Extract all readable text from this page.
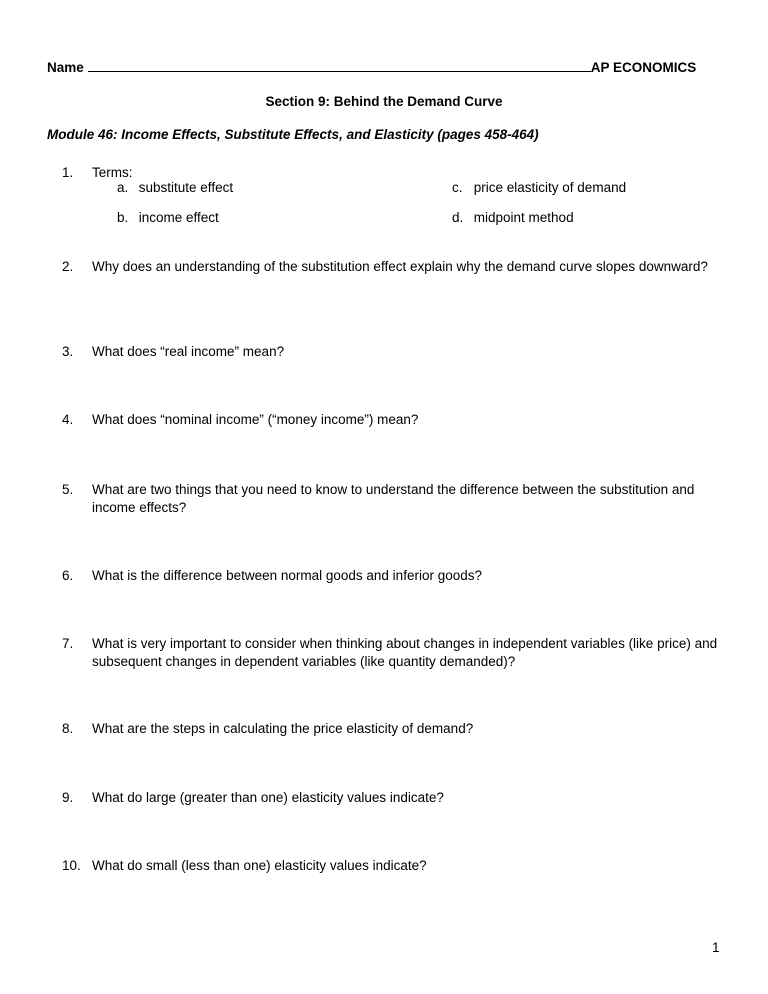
Name	AP ECONOMICS
Section 9: Behind the Demand Curve
Module 46: Income Effects, Substitute Effects, and Elasticity (pages 458-464)
1. Terms:
a. substitute effect
b. income effect
c. price elasticity of demand
d. midpoint method
2. Why does an understanding of the substitution effect explain why the demand curve slopes downward?
3. What does “real income” mean?
4. What does “nominal income” (“money income”) mean?
5. What are two things that you need to know to understand the difference between the substitution and income effects?
6. What is the difference between normal goods and inferior goods?
7. What is very important to consider when thinking about changes in independent variables (like price) and subsequent changes in dependent variables (like quantity demanded)?
8. What are the steps in calculating the price elasticity of demand?
9. What do large (greater than one) elasticity values indicate?
10. What do small (less than one) elasticity values indicate?
1
